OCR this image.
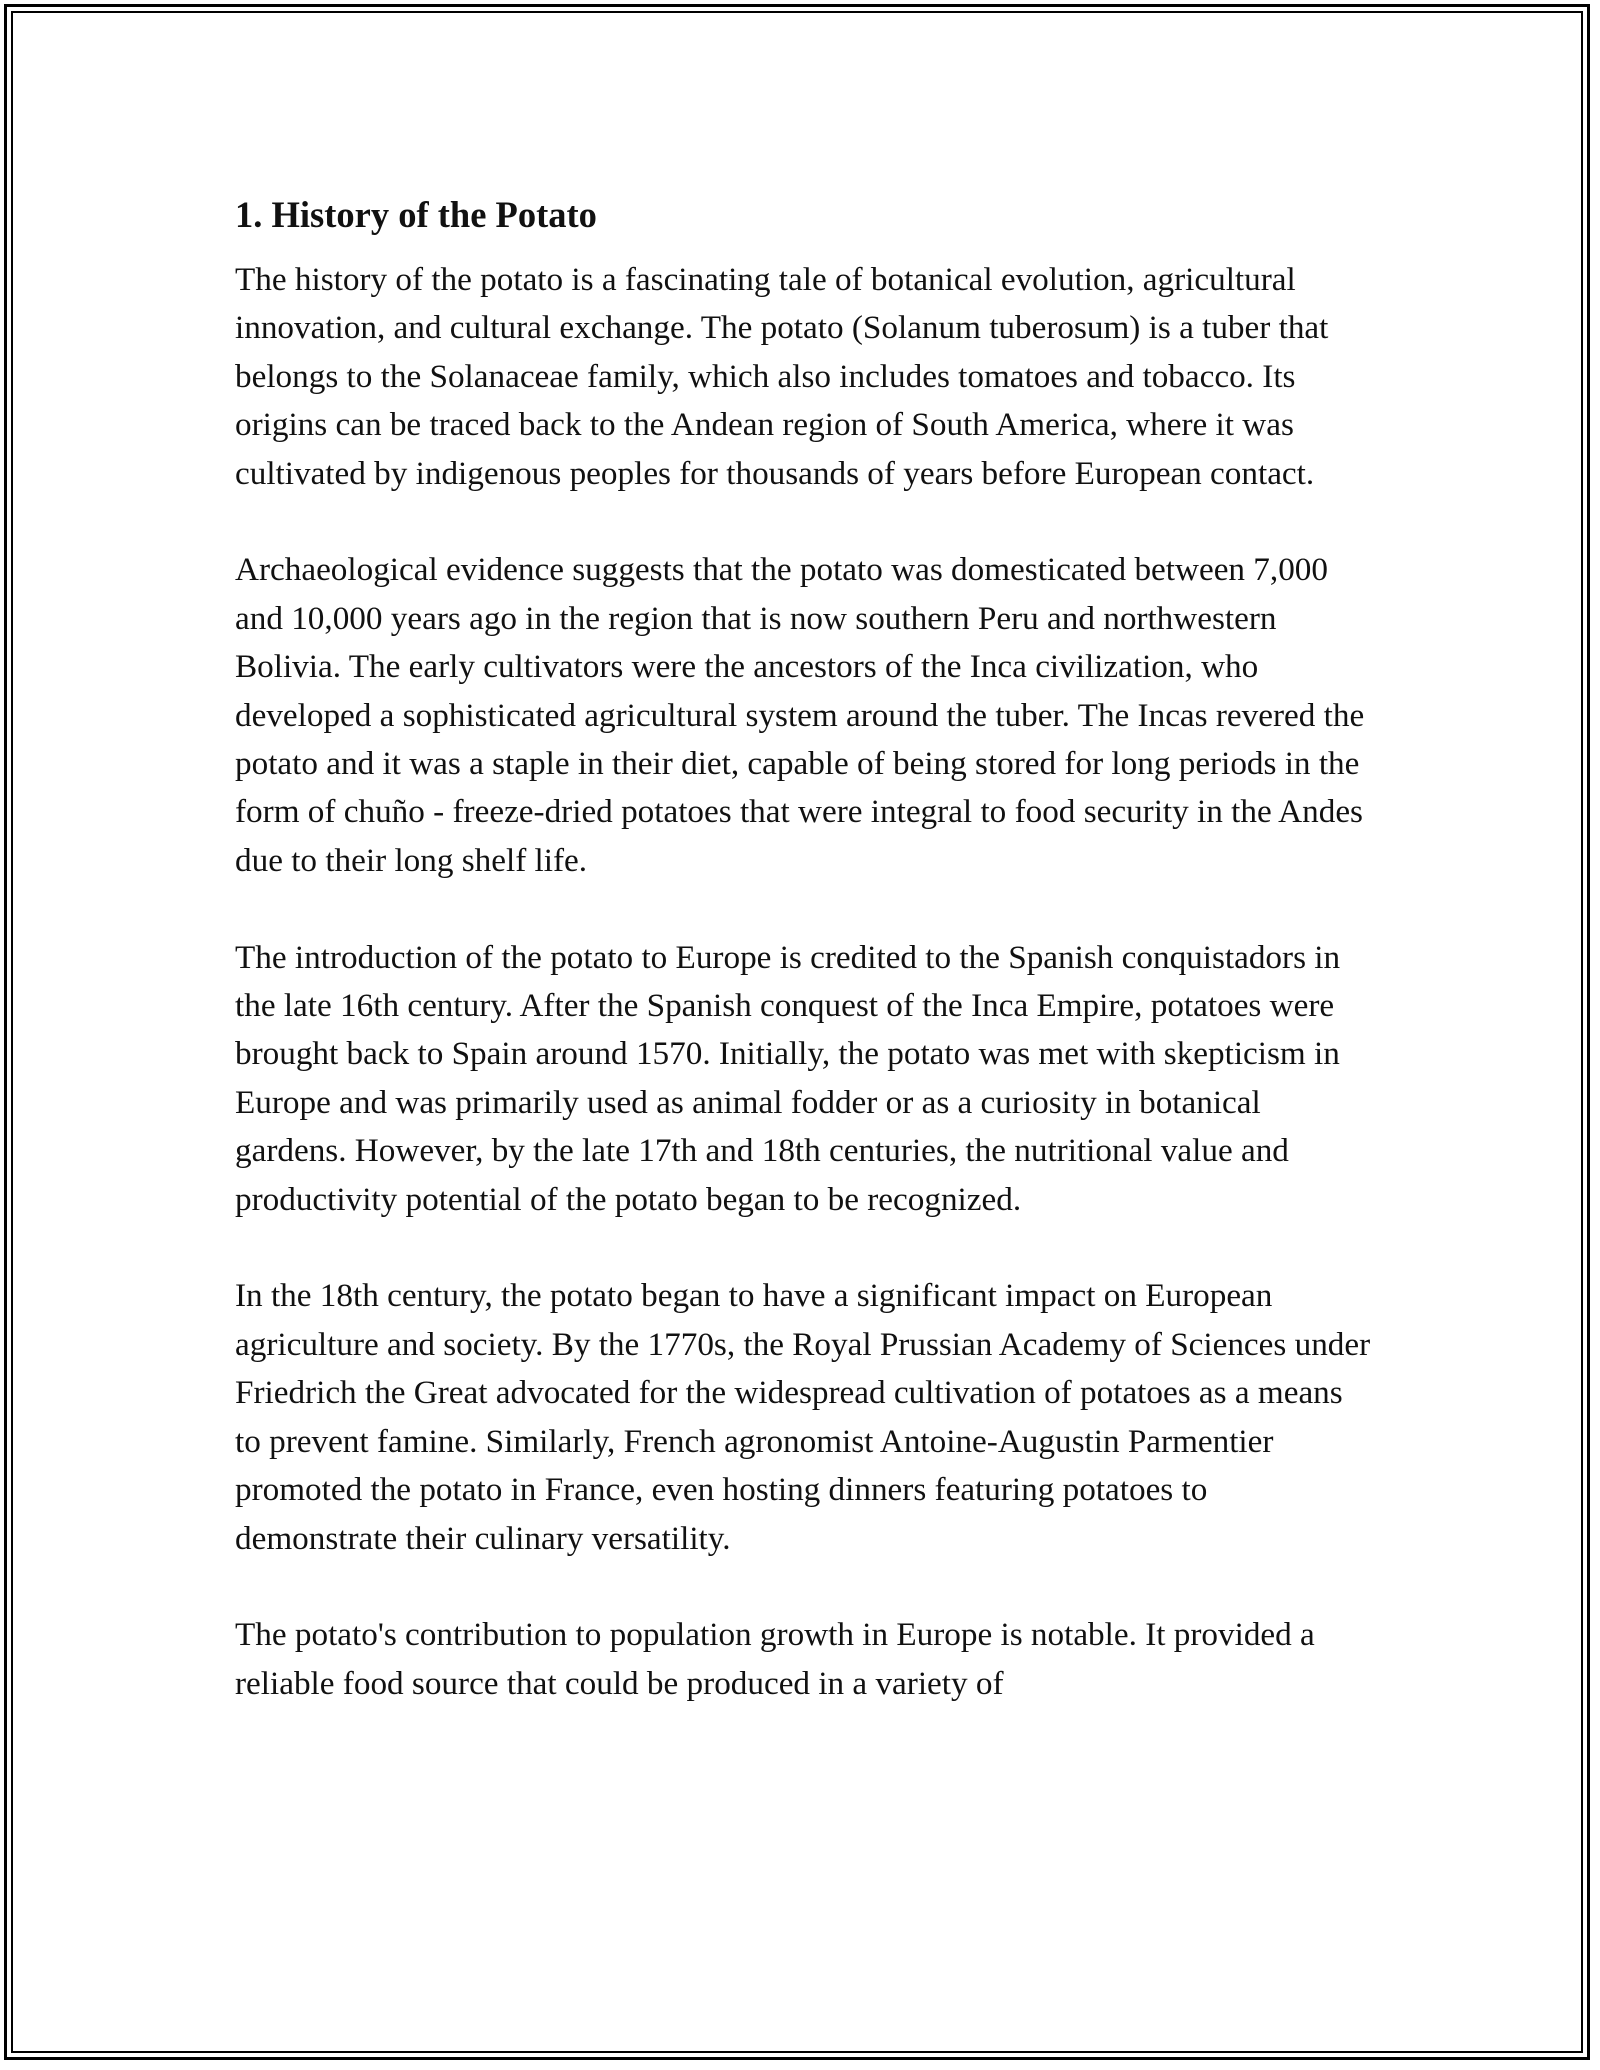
1. History of the Potato

The history of the potato is a fascinating tale of botanical evolution, agricultural innovation, and cultural exchange. The potato (Solanum tuberosum) is a tuber that belongs to the Solanaceae family, which also includes tomatoes and tobacco. Its origins can be traced back to the Andean region of South America, where it was cultivated by indigenous peoples for thousands of years before European contact.

Archaeological evidence suggests that the potato was domesticated between 7,000 and 10,000 years ago in the region that is now southern Peru and northwestern Bolivia. The early cultivators were the ancestors of the Inca civilization, who developed a sophisticated agricultural system around the tuber. The Incas revered the potato and it was a staple in their diet, capable of being stored for long periods in the form of chuño - freeze-dried potatoes that were integral to food security in the Andes due to their long shelf life.

The introduction of the potato to Europe is credited to the Spanish conquistadors in the late 16th century. After the Spanish conquest of the Inca Empire, potatoes were brought back to Spain around 1570. Initially, the potato was met with skepticism in Europe and was primarily used as animal fodder or as a curiosity in botanical gardens. However, by the late 17th and 18th centuries, the nutritional value and productivity potential of the potato began to be recognized.

In the 18th century, the potato began to have a significant impact on European agriculture and society. By the 1770s, the Royal Prussian Academy of Sciences under Friedrich the Great advocated for the widespread cultivation of potatoes as a means to prevent famine. Similarly, French agronomist Antoine-Augustin Parmentier promoted the potato in France, even hosting dinners featuring potatoes to demonstrate their culinary versatility.

The potato's contribution to population growth in Europe is notable. It provided a reliable food source that could be produced in a variety of
